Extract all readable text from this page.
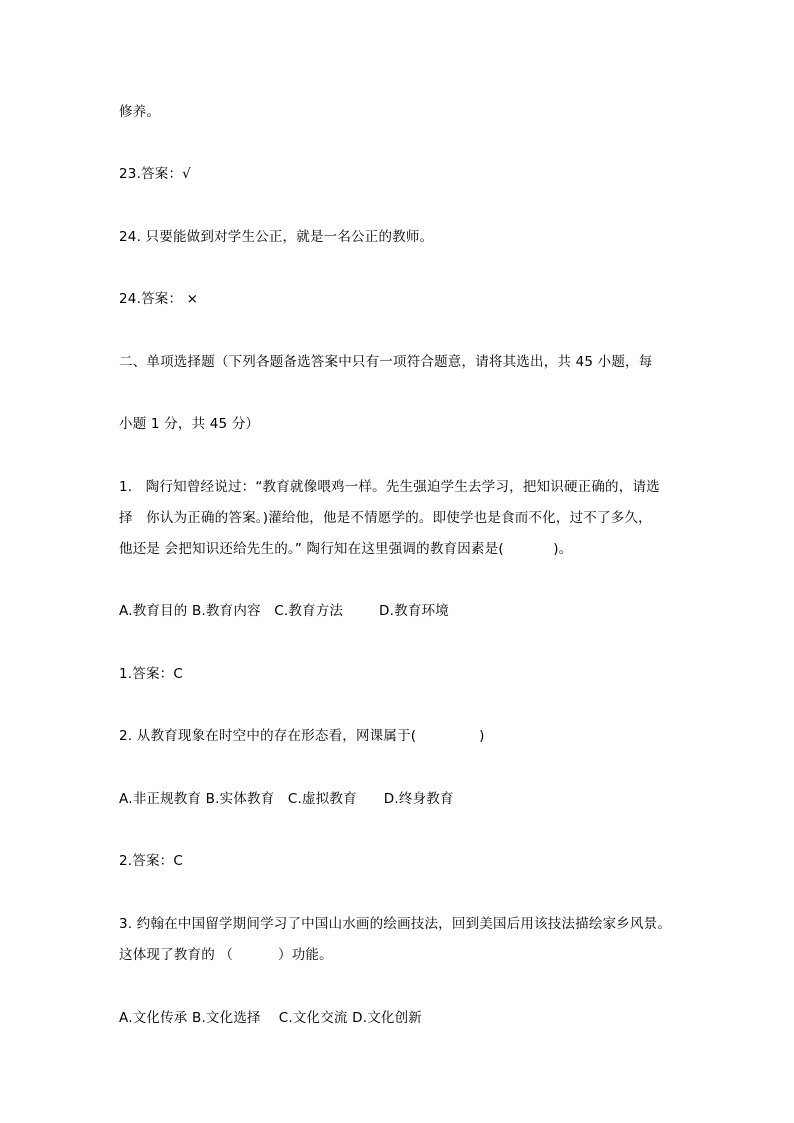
修养。
23.答案：√
24. 只要能做到对学生公正，就是一名公正的教师。
24.答案： ×
二、单项选择题（下列各题备选答案中只有一项符合题意，请将其选出，共 45 小题，每
小题 1 分，共 45 分）
1.   陶行知曾经说过：“教育就像喂鸡一样。先生强迫学生去学习，把知识硬正确的，请选
择   你认为正确的答案。)灌给他，他是不情愿学的。即使学也是食而不化，过不了多久，
他还是 会把知识还给先生的。” 陶行知在这里强调的教育因素是(           )。
A.教育目的 B.教育内容   C.教育方法        D.教育环境
1.答案：C
2. 从教育现象在时空中的存在形态看，网课属于(              )
A.非正规教育 B.实体教育   C.虚拟教育      D.终身教育
2.答案：C
3. 约翰在中国留学期间学习了中国山水画的绘画技法，回到美国后用该技法描绘家乡风景。
这体现了教育的 （          ）功能。
A.文化传承 B.文化选择    C.文化交流 D.文化创新
